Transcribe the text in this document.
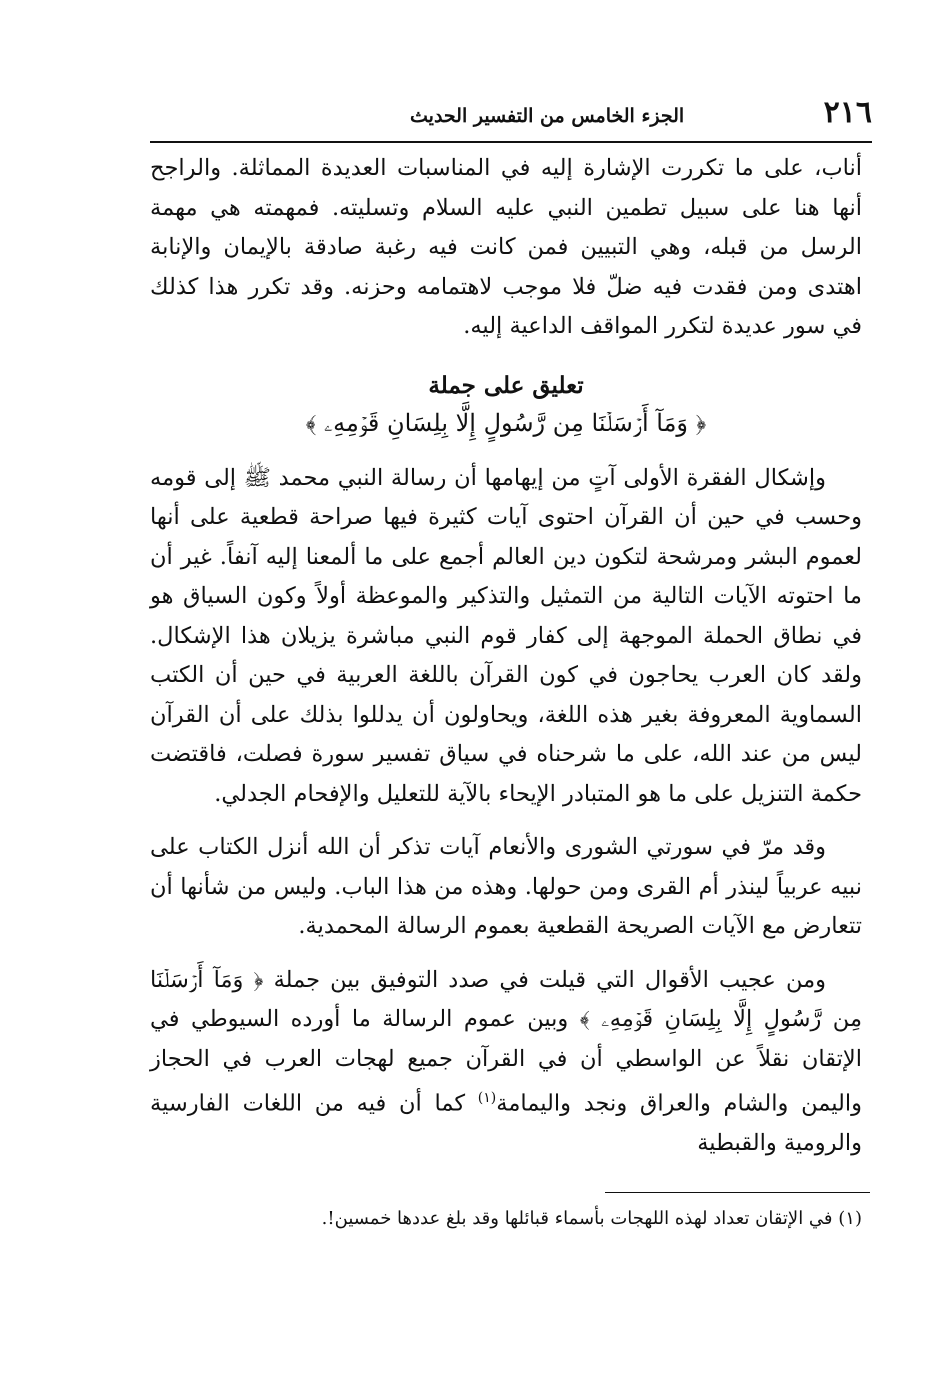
٢١٦
الجزء الخامس من التفسير الحديث

أناب، على ما تكررت الإشارة إليه في المناسبات العديدة المماثلة. والراجح أنها هنا على سبيل تطمين النبي عليه السلام وتسليته. فمهمته هي مهمة الرسل من قبله، وهي التبيين فمن كانت فيه رغبة صادقة بالإيمان والإنابة اهتدى ومن فقدت فيه ضلّ فلا موجب لاهتمامه وحزنه. وقد تكرر هذا كذلك في سور عديدة لتكرر المواقف الداعية إليه.

تعليق على جملة
﴿ وَمَآ أَرۡسَلۡنَا مِن رَّسُولٍ إِلَّا بِلِسَانِ قَوۡمِهِۦ ﴾

وإشكال الفقرة الأولى آتٍ من إيهامها أن رسالة النبي محمد ﷺ إلى قومه وحسب في حين أن القرآن احتوى آيات كثيرة فيها صراحة قطعية على أنها لعموم البشر ومرشحة لتكون دين العالم أجمع على ما ألمعنا إليه آنفاً. غير أن ما احتوته الآيات التالية من التمثيل والتذكير والموعظة أولاً وكون السياق هو في نطاق الحملة الموجهة إلى كفار قوم النبي مباشرة يزيلان هذا الإشكال. ولقد كان العرب يحاجون في كون القرآن باللغة العربية في حين أن الكتب السماوية المعروفة بغير هذه اللغة، ويحاولون أن يدللوا بذلك على أن القرآن ليس من عند الله، على ما شرحناه في سياق تفسير سورة فصلت، فاقتضت حكمة التنزيل على ما هو المتبادر الإيحاء بالآية للتعليل والإفحام الجدلي.

وقد مرّ في سورتي الشورى والأنعام آيات تذكر أن الله أنزل الكتاب على نبيه عربياً لينذر أم القرى ومن حولها. وهذه من هذا الباب. وليس من شأنها أن تتعارض مع الآيات الصريحة القطعية بعموم الرسالة المحمدية.

ومن عجيب الأقوال التي قيلت في صدد التوفيق بين جملة ﴿ وَمَآ أَرۡسَلۡنَا مِن رَّسُولٍ إِلَّا بِلِسَانِ قَوۡمِهِۦ ﴾ وبين عموم الرسالة ما أورده السيوطي في الإتقان نقلاً عن الواسطي أن في القرآن جميع لهجات العرب في الحجاز واليمن والشام والعراق ونجد واليمامة$^{(١)}$ كما أن فيه من اللغات الفارسية والرومية والقبطية

(١) في الإتقان تعداد لهذه اللهجات بأسماء قبائلها وقد بلغ عددها خمسين!.
